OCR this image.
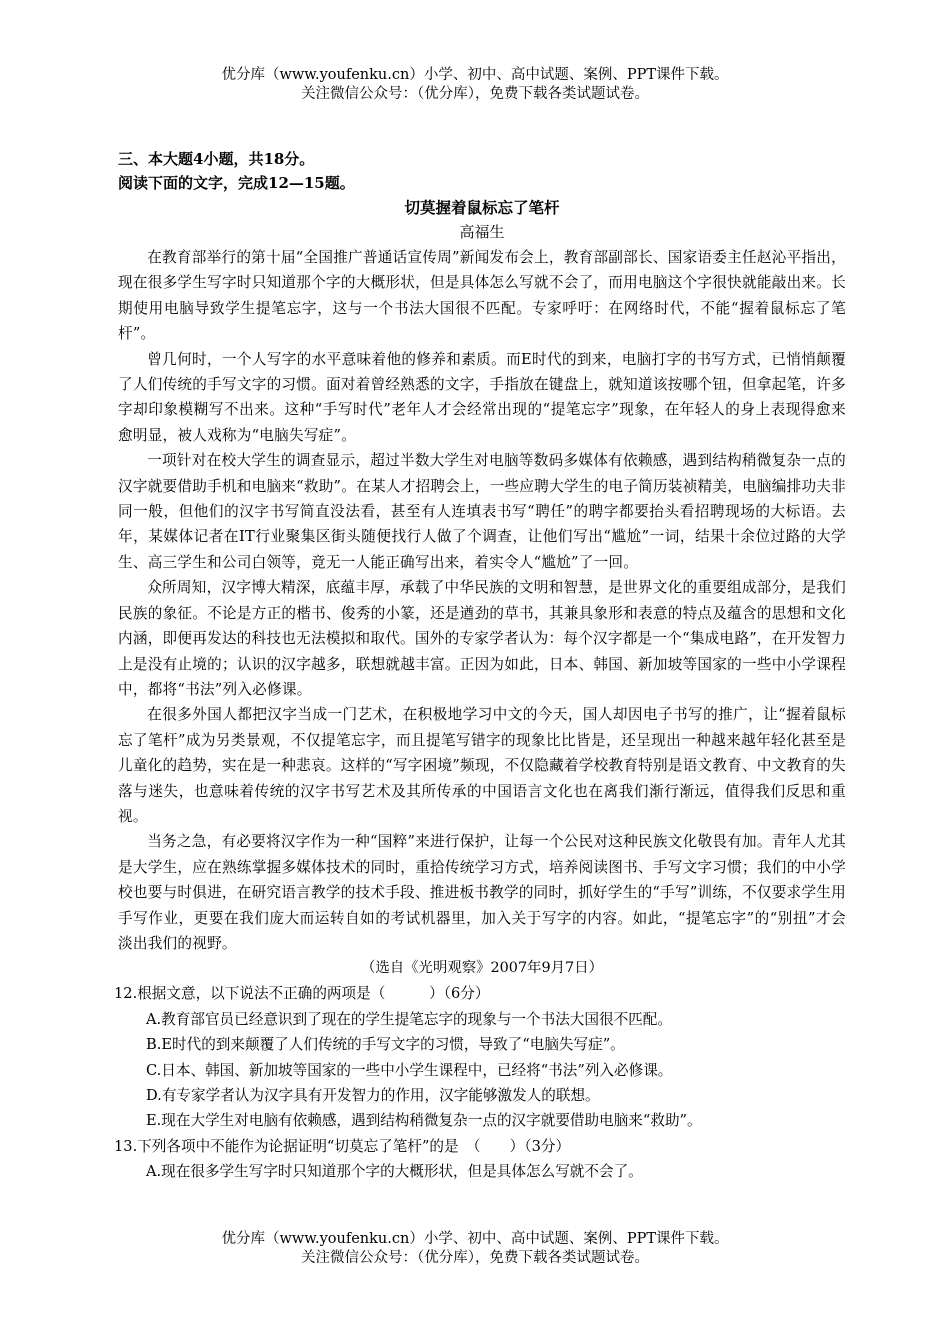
优分库（www.youfenku.cn）小学、初中、高中试题、案例、PPT课件下载。
关注微信公众号：（优分库），免费下载各类试题试卷。
三、本大题4小题，共18分。
阅读下面的文字，完成12—15题。
切莫握着鼠标忘了笔杆
高福生

在教育部举行的第十届“全国推广普通话宣传周”新闻发布会上，教育部副部长、国家语委主任赵沁平指出，现在很多学生写字时只知道那个字的大概形状，但是具体怎么写就不会了，而用电脑这个字很快就能敲出来。长期使用电脑导致学生提笔忘字，这与一个书法大国很不匹配。专家呼吁：在网络时代，不能“握着鼠标忘了笔杆”。

曾几何时，一个人写字的水平意味着他的修养和素质。而E时代的到来，电脑打字的书写方式，已悄悄颠覆了人们传统的手写文字的习惯。面对着曾经熟悉的文字，手指放在键盘上，就知道该按哪个钮，但拿起笔，许多字却印象模糊写不出来。这种“手写时代”老年人才会经常出现的“提笔忘字”现象，在年轻人的身上表现得愈来愈明显，被人戏称为“电脑失写症”。

一项针对在校大学生的调查显示，超过半数大学生对电脑等数码多媒体有依赖感，遇到结构稍微复杂一点的汉字就要借助手机和电脑来“救助”。在某人才招聘会上，一些应聘大学生的电子简历装祯精美，电脑编排功夫非同一般，但他们的汉字书写简直没法看，甚至有人连填表书写“聘任”的聘字都要抬头看招聘现场的大标语。去年，某媒体记者在IT行业聚集区街头随便找行人做了个调查，让他们写出“尴尬”一词，结果十余位过路的大学生、高三学生和公司白领等，竟无一人能正确写出来，着实令人“尴尬”了一回。

众所周知，汉字博大精深，底蕴丰厚，承载了中华民族的文明和智慧，是世界文化的重要组成部分，是我们民族的象征。不论是方正的楷书、俊秀的小篆，还是遒劲的草书，其兼具象形和表意的特点及蕴含的思想和文化内涵，即便再发达的科技也无法模拟和取代。国外的专家学者认为：每个汉字都是一个“集成电路”，在开发智力上是没有止境的；认识的汉字越多，联想就越丰富。正因为如此，日本、韩国、新加坡等国家的一些中小学课程中，都将“书法”列入必修课。

在很多外国人都把汉字当成一门艺术，在积极地学习中文的今天，国人却因电子书写的推广，让“握着鼠标忘了笔杆”成为另类景观，不仅提笔忘字，而且提笔写错字的现象比比皆是，还呈现出一种越来越年轻化甚至是儿童化的趋势，实在是一种悲哀。这样的“写字困境”频现，不仅隐藏着学校教育特别是语文教育、中文教育的失落与迷失，也意味着传统的汉字书写艺术及其所传承的中国语言文化也在离我们渐行渐远，值得我们反思和重视。

当务之急，有必要将汉字作为一种“国粹”来进行保护，让每一个公民对这种民族文化敬畏有加。青年人尤其是大学生，应在熟练掌握多媒体技术的同时，重拾传统学习方式，培养阅读图书、手写文字习惯；我们的中小学校也要与时俱进，在研究语言教学的技术手段、推进板书教学的同时，抓好学生的“手写”训练，不仅要求学生用手写作业，更要在我们庞大而运转自如的考试机器里，加入关于写字的内容。如此，“提笔忘字”的“别扭”才会淡出我们的视野。

（选自《光明观察》2007年9月7日）
12.根据文意，以下说法不正确的两项是（　　　）（6分）
A.教育部官员已经意识到了现在的学生提笔忘字的现象与一个书法大国很不匹配。
B.E时代的到来颠覆了人们传统的手写文字的习惯，导致了“电脑失写症”。
C.日本、韩国、新加坡等国家的一些中小学生课程中，已经将“书法”列入必修课。
D.有专家学者认为汉字具有开发智力的作用，汉字能够激发人的联想。
E.现在大学生对电脑有依赖感，遇到结构稍微复杂一点的汉字就要借助电脑来“救助”。
13.下列各项中不能作为论据证明“切莫忘了笔杆”的是　（　　）（3分）
A.现在很多学生写字时只知道那个字的大概形状，但是具体怎么写就不会了。
优分库（www.youfenku.cn）小学、初中、高中试题、案例、PPT课件下载。
关注微信公众号：（优分库），免费下载各类试题试卷。
